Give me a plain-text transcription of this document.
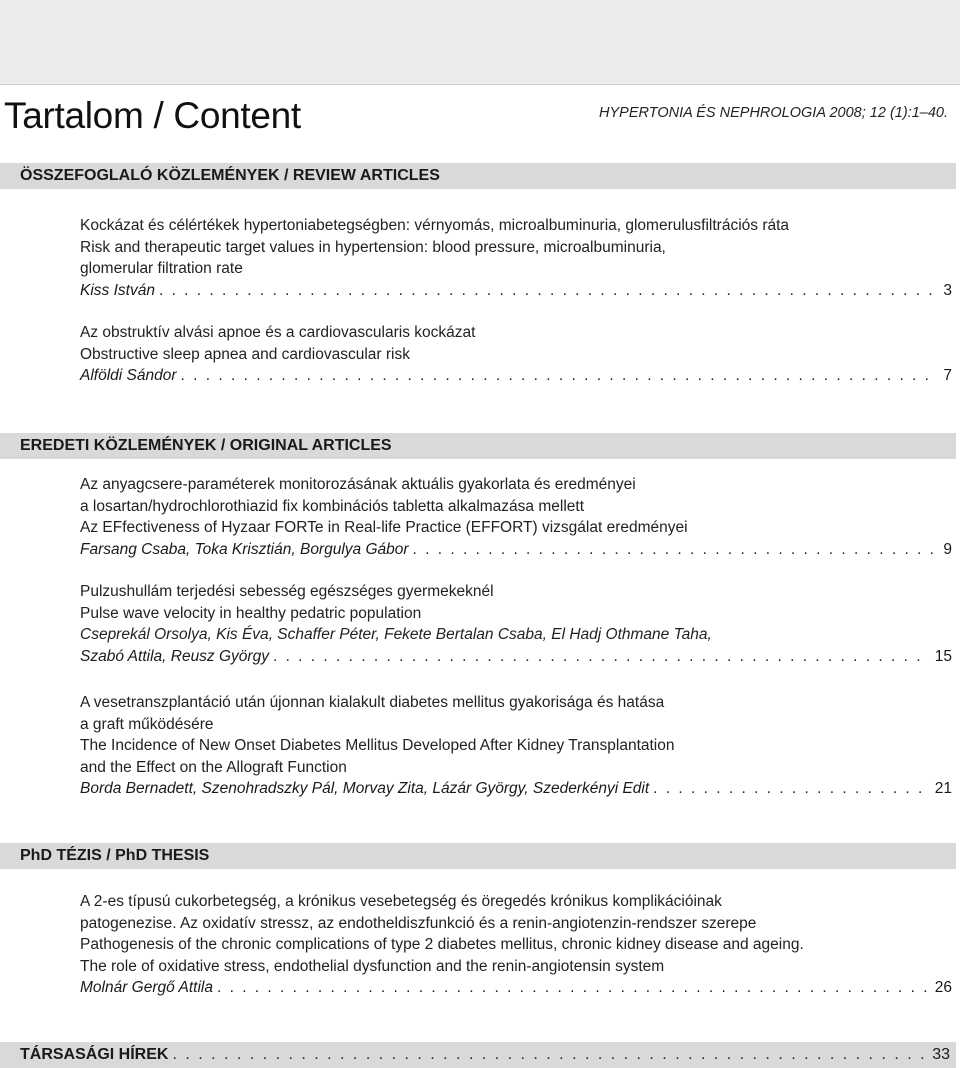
Tartalom / Content	HYPERTONIA ÉS NEPHROLOGIA 2008; 12 (1):1–40.
ÖSSZEFOGLALÓ KÖZLEMÉNYEK / REVIEW ARTICLES
Kockázat és célértékek hypertoniabetegségben: vérnyomás, microalbuminuria, glomerulusfiltrációs ráta
Risk and therapeutic target values in hypertension: blood pressure, microalbuminuria,
glomerular filtration rate
Kiss István . . .	3
Az obstruktív alvási apnoe és a cardiovascularis kockázat
Obstructive sleep apnea and cardiovascular risk
Alföldi Sándor . . .	7
EREDETI KÖZLEMÉNYEK / ORIGINAL ARTICLES
Az anyagcsere-paraméterek monitorozásának aktuális gyakorlata és eredményei
a losartan/hydrochlorothiazid fix kombinációs tabletta alkalmazása mellett
Az EFfectiveness of Hyzaar FORTe in Real-life Practice (EFFORT) vizsgálat eredményei
Farsang Csaba, Toka Krisztián, Borgulya Gábor . . .	9
Pulzushullám terjedési sebesség egészséges gyermekeknél
Pulse wave velocity in healthy pedatric population
Cseprekál Orsolya, Kis Éva, Schaffer Péter, Fekete Bertalan Csaba, El Hadj Othmane Taha,
Szabó Attila, Reusz György . . .	15
A vesetranszplantáció után újonnan kialakult diabetes mellitus gyakorisága és hatása
a graft működésére
The Incidence of New Onset Diabetes Mellitus Developed After Kidney Transplantation
and the Effect on the Allograft Function
Borda Bernadett, Szenohradszky Pál, Morvay Zita, Lázár György, Szederkényi Edit . . .	21
PhD TÉZIS / PhD THESIS
A 2-es típusú cukorbetegség, a krónikus vesebetegség és öregedés krónikus komplikációinak
patogenezise. Az oxidatív stressz, az endotheldiszfunkció és a renin-angiotenzin-rendszer szerepe
Pathogenesis of the chronic complications of type 2 diabetes mellitus, chronic kidney disease and ageing.
The role of oxidative stress, endothelial dysfunction and the renin-angiotensin system
Molnár Gergő Attila . . .	26
TÁRSASÁGI HÍREK . . .	33
